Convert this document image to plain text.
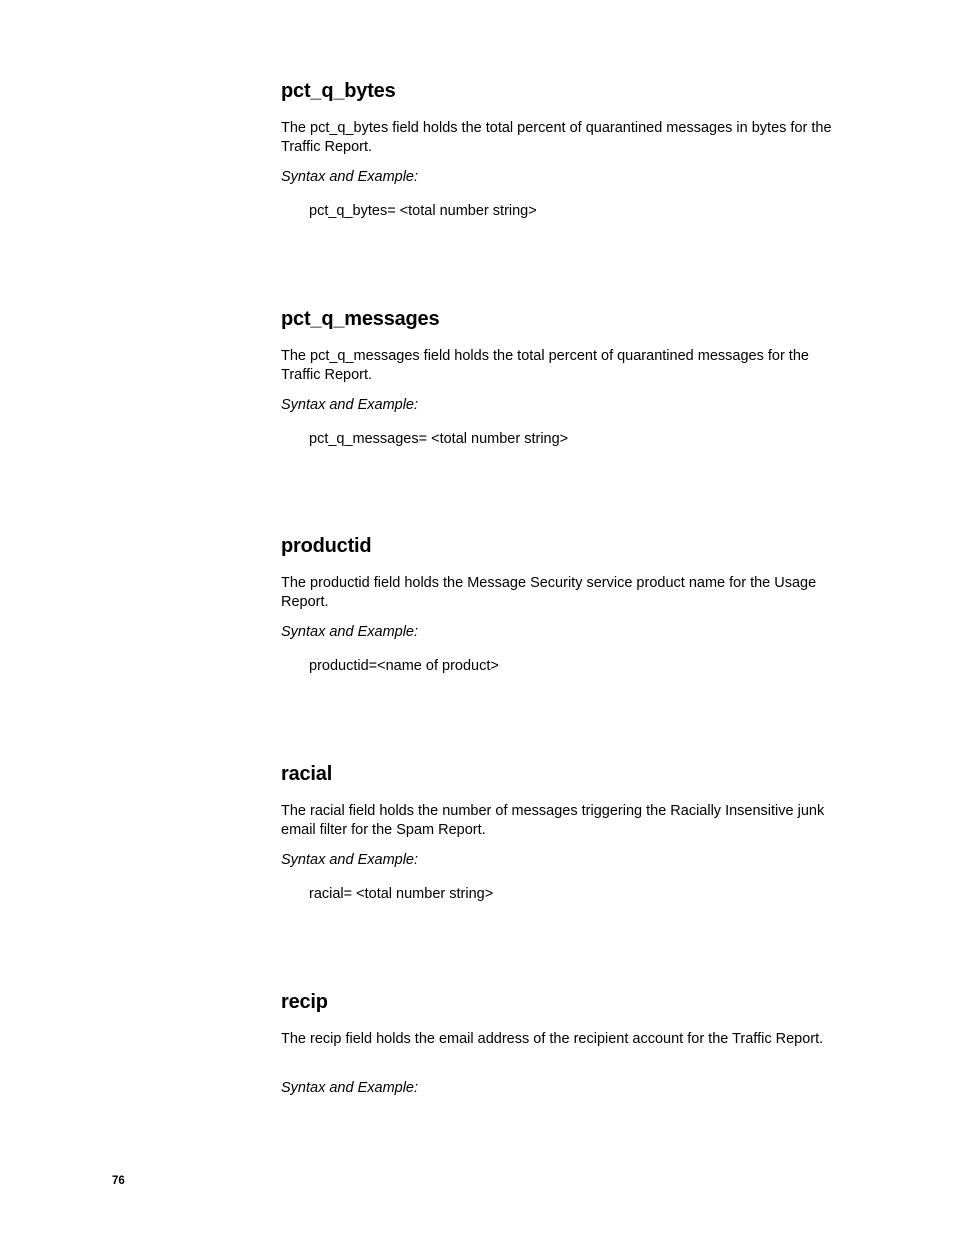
pct_q_bytes

The pct_q_bytes field holds the total percent of quarantined messages in bytes for the Traffic Report.

Syntax and Example:

pct_q_bytes= <total number string>

pct_q_messages

The pct_q_messages field holds the total percent of quarantined messages for the Traffic Report.

Syntax and Example:

pct_q_messages= <total number string>

productid

The productid field holds the Message Security service product name for the Usage Report.

Syntax and Example:

productid=<name of product>

racial

The racial field holds the number of messages triggering the Racially Insensitive junk email filter for the Spam Report.

Syntax and Example:

racial= <total number string>

recip

The recip field holds the email address of the recipient account for the Traffic Report.

Syntax and Example:

76
